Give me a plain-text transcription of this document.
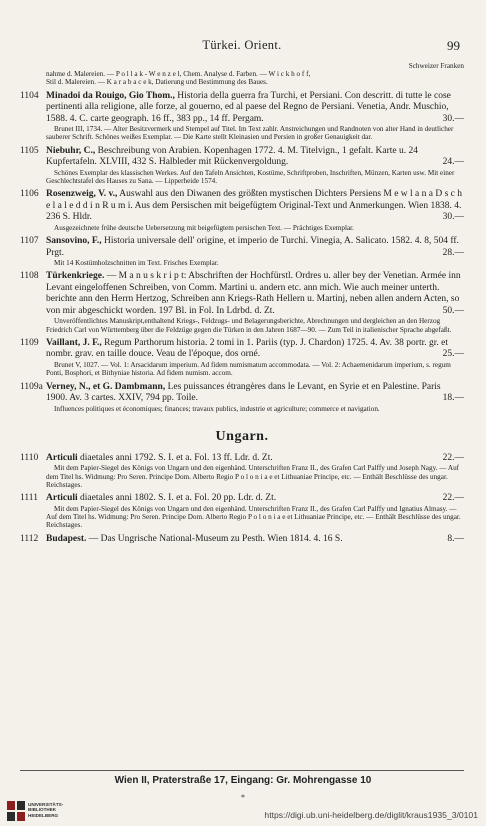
Türkei. Orient.	99
Schweizer Franken

nahme d. Malereien. — P o l l a k - W e n z e l, Chem. Analyse d. Farben. — W i c k h o f f,

Stil d. Malereien. — K a r a b a c e k, Datierung und Bestimmung des Baues.

1104 Minadoi da Rouigo, Gio Thom., Historia della guerra fra Turchi, et Persiani. Con descritt. di tutte le cose pertinenti alla religione, alle forze, al gouerno, ed al paese del Regno de Persiani. Venetia, Andr. Muschio, 1588. 4. C. carte geograph. 16 ff., 383 pp., 14 ff. Pergam.	30.—

Brunet III, 1734. — Alter Besitzvermerk und Stempel auf Titel. Im Text zahlr. Anstreichungen und Randnoten von alter Hand in deutlicher sauberer Schrift. Schönes weißes Exemplar. — Die Karte stellt Kleinasien und Persien in großer Genauigkeit dar.

1105 Niebuhr, C., Beschreibung von Arabien. Kopenhagen 1772. 4. M. Titelvign., 1 gefalt. Karte u. 24 Kupfertafeln. XLVIII, 432 S. Halbleder mit Rückenvergoldung.	24.—

Schönes Exemplar des klassischen Werkes. Auf den Tafeln Ansichten, Kostüme, Schriftproben, Inschriften, Münzen, Karten usw. Mit einer Geschlechtstafel des Hauses zu Sana. — Lipperheide 1574.

1106 Rosenzweig, V. v., Auswahl aus den Diwanen des größten mystischen Dichters Persiens M e w l a n a D s c h e l a l e d d i n R u m i. Aus dem Persischen mit beigefügtem Original-Text und Anmerkungen. Wien 1838. 4. 236 S. Hldr.	30.—

Ausgezeichnete frühe deutsche Uebersetzung mit beigefügtem persischen Text. — Prächtiges Exemplar.

1107 Sansovino, F., Historia universale dell' origine, et imperio de Turchi. Vinegia, A. Salicato. 1582. 4. 8, 504 ff. Prgt.	28.—

Mit 14 Kostümholzschnitten im Text. Frisches Exemplar.

1108 Türkenkriege. — M a n u s k r i p t: Abschriften der Hochfürstl. Ordres u. aller bey der Venetian. Armée inn Levant eingeloffenen Schreiben, von Comm. Martini u. andern etc. ann mich. Wie auch meiner unterth. berichte ann den Herrn Hertzog, Schreiben ann Kriegs-Rath Hellern u. Martinj, neben allen andern Acten, so von mir abgeschickt worden. 197 Bl. in Fol. In Ldrbd. d. Zt.	50.—

Unveröffentlichtes Manuskript,enthaltend Kriegs-, Feldzugs- und Belagerungsberichte, Abrechnungen und dergleichen an den Herzog Friedrich Carl von Württemberg über die Feldzüge gegen die Türken in den Jahren 1687—90. — Zum Teil in italienischer Sprache abgefaßt.

1109 Vaillant, J. F., Regum Parthorum historia. 2 tomi in 1. Pariis (typ. J. Chardon) 1725. 4. Av. 38 portr. gr. et nombr. grav. en taille douce. Veau de l'époque, dos orné.	25.—

Brunet V, 1027. — Vol. 1: Arsacidarum imperium. Ad fidem numismatum accommodata. — Vol. 2: Achaemenidarum imperium, s. regum Ponti, Bosphori, et Bithyniae historia. Ad fidem numism. accom.

1109a Verney, N., et G. Dambmann, Les puissances étrangères dans le Levant, en Syrie et en Palestine. Paris 1900. Av. 3 cartes. XXIV, 794 pp. Toile.	18.—

Influences politiques et économiques; finances; travaux publics, industrie et agriculture; commerce et navigation.

Ungarn.
1110 Articuli diaetales anni 1792. S. I. et a. Fol. 13 ff. Ldr. d. Zt.	22.—

Mit dem Papier-Siegel des Königs von Ungarn und den eigenhänd. Unterschriften Franz II., des Grafen Carl Palffy und Joseph Nagy. — Auf dem Titel hs. Widmung: Pro Seren. Principe Dom. Alberto Regio P o l o n i a e et Lithuaniae Principe, etc. — Enthält Beschlüsse des ungar. Reichstages.

1111 Articuli diaetales anni 1802. S. I. et a. Fol. 20 pp. Ldr. d. Zt.	22.—

Mit dem Papier-Siegel des Königs von Ungarn und den eigenhänd. Unterschriften Franz II., des Grafen Carl Palffy und Ignatius Almasy. — Auf dem Titel hs. Widmung: Pro Seren. Principe Dom. Alberto Regio P o l o n i a e et Lithuaniae Principe, etc. — Enthält Beschlüsse des ungar. Reichstages.

1112 Budapest. — Das Ungrische National-Museum zu Pesth. Wien 1814. 4. 16 S.	8.—

Wien II, Praterstraße 17, Eingang: Gr. Mohrengasse 10
*
UNIVERSITÄTS-
BIBLIOTHEK
HEIDELBERG	https://digi.ub.uni-heidelberg.de/diglit/kraus1935_3/0101
